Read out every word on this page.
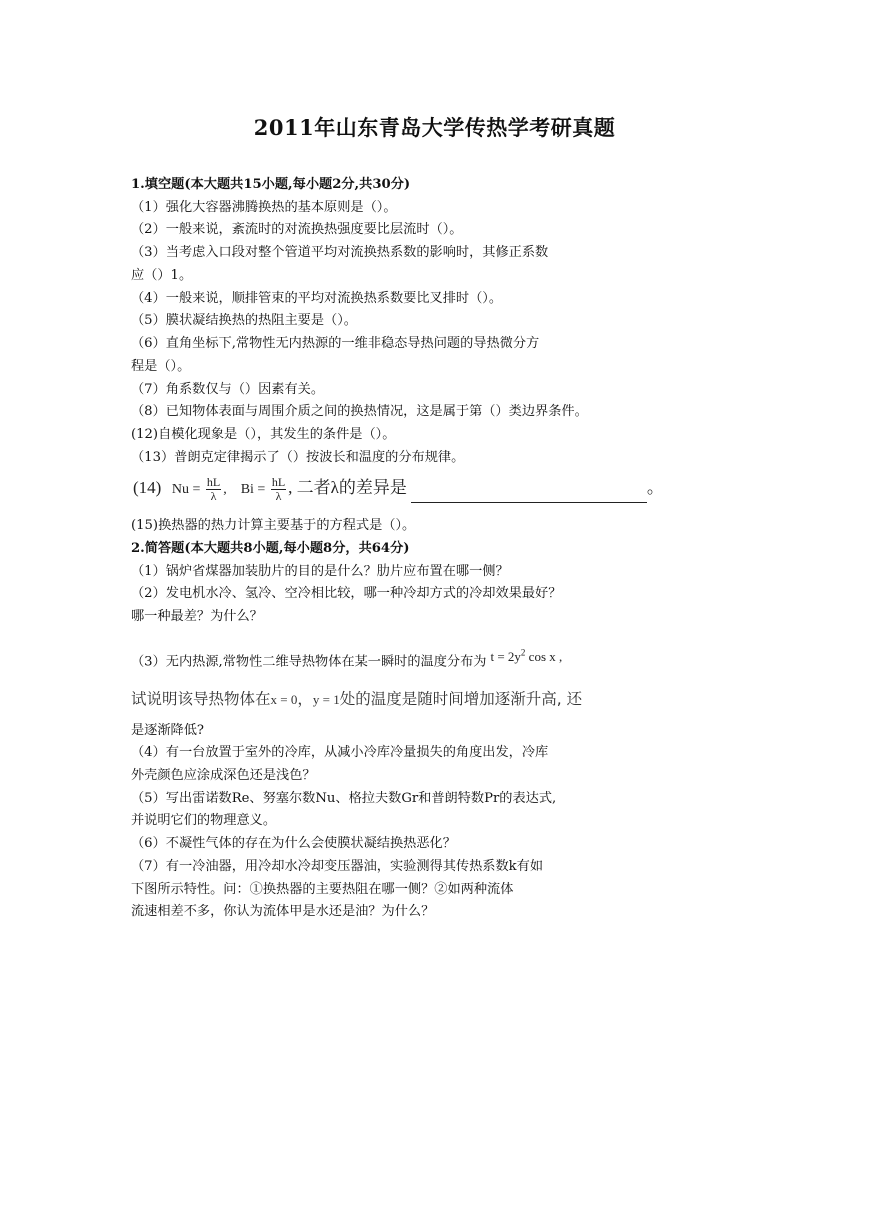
2011年山东青岛大学传热学考研真题
1.填空题(本大题共15小题,每小题2分,共30分)
（1）强化大容器沸腾换热的基本原则是（）。
（2）一般来说，紊流时的对流换热强度要比层流时（）。
（3）当考虑入口段对整个管道平均对流换热系数的影响时，其修正系数
应（）1。
（4）一般来说，顺排管束的平均对流换热系数要比叉排时（）。
（5）膜状凝结换热的热阻主要是（）。
（6）直角坐标下,常物性无内热源的一维非稳态导热问题的导热微分方
程是（）。
（7）角系数仅与（）因素有关。
（8）已知物体表面与周围介质之间的换热情况，这是属于第（）类边界条件。
(12)自模化现象是（），其发生的条件是（）。
（13）普朗克定律揭示了（）按波长和温度的分布规律。
(14) $Nu = \frac{hL}{\lambda}$ ,    $Bi = \frac{hL}{\lambda}$ , 二者λ的差异是	。
(15)换热器的热力计算主要基于的方程式是（）。
2.简答题(本大题共8小题,每小题8分，共64分)
（1）锅炉省煤器加装肋片的目的是什么？肋片应布置在哪一侧？
（2）发电机水冷、氢冷、空冷相比较，哪一种冷却方式的冷却效果最好？
哪一种最差？为什么？
（3）无内热源,常物性二维导热物体在某一瞬时的温度分布为 $t = 2y^2$ cos x ,
试说明该导热物体在x = 0，y = 1处的温度是随时间增加逐渐升高, 还
是逐渐降低?
（4）有一台放置于室外的冷库，从减小冷库冷量损失的角度出发，冷库
外壳颜色应涂成深色还是浅色？
（5）写出雷诺数Re、努塞尔数Nu、格拉夫数Gr和普朗特数Pr的表达式,
并说明它们的物理意义。
（6）不凝性气体的存在为什么会使膜状凝结换热恶化？
（7）有一冷油器，用冷却水冷却变压器油，实验测得其传热系数k有如
下图所示特性。问：①换热器的主要热阻在哪一侧？②如两种流体
流速相差不多，你认为流体甲是水还是油？为什么？
